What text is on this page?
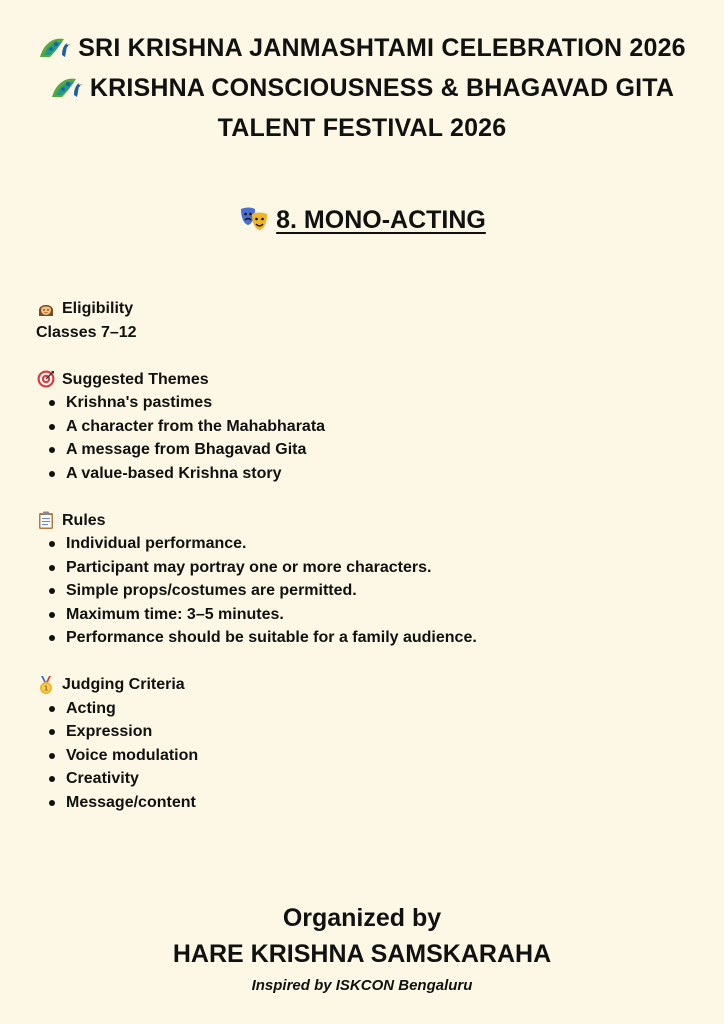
SRI KRISHNA JANMASHTAMI CELEBRATION 2026
KRISHNA CONSCIOUSNESS & BHAGAVAD GITA
TALENT FESTIVAL 2026
8. MONO-ACTING
Eligibility
Classes 7–12
Suggested Themes
Krishna's pastimes
A character from the Mahabharata
A message from Bhagavad Gita
A value-based Krishna story
Rules
Individual performance.
Participant may portray one or more characters.
Simple props/costumes are permitted.
Maximum time: 3–5 minutes.
Performance should be suitable for a family audience.
1 Judging Criteria
Acting
Expression
Voice modulation
Creativity
Message/content
Organized by
HARE KRISHNA SAMSKARAHA
Inspired by ISKCON Bengaluru
